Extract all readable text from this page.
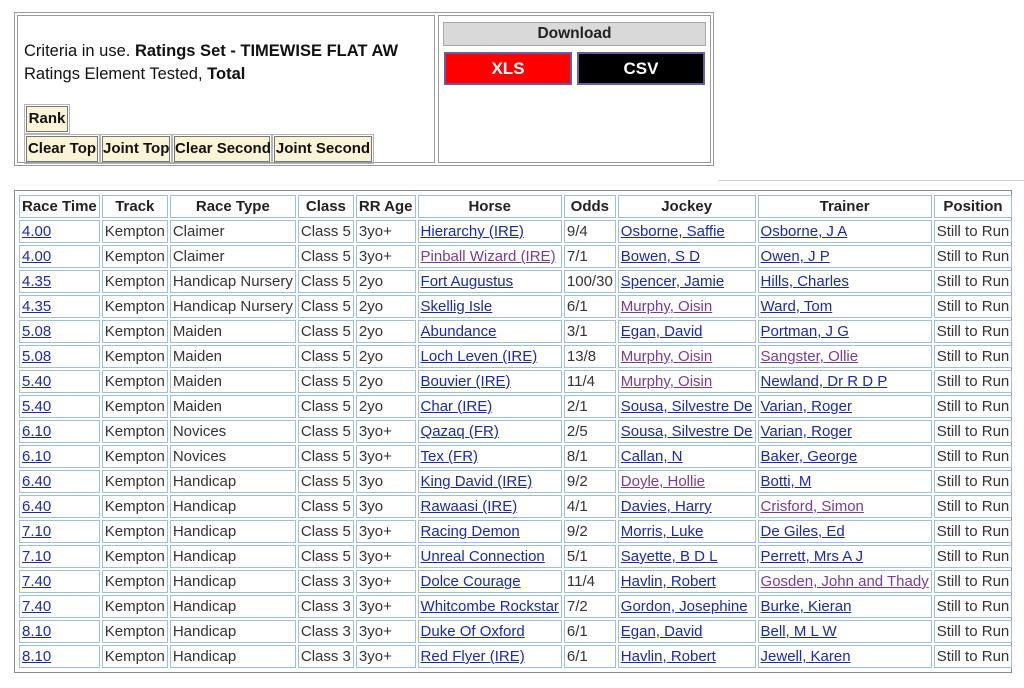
Criteria in use. Ratings Set - TIMEWISE FLAT AW
Ratings Element Tested, Total
Rank
Clear Top Joint Top Clear Second Joint Second
Download
XLS	CSV
Race Time	Track	Race Type	Class	RR Age	Horse	Odds	Jockey	Trainer	Position
4.00	Kempton	Claimer	Class 5	3yo+	Hierarchy (IRE)	9/4	Osborne, Saffie	Osborne, J A	Still to Run
4.00	Kempton	Claimer	Class 5	3yo+	Pinball Wizard (IRE)	7/1	Bowen, S D	Owen, J P	Still to Run
4.35	Kempton	Handicap Nursery	Class 5	2yo	Fort Augustus	100/30	Spencer, Jamie	Hills, Charles	Still to Run
4.35	Kempton	Handicap Nursery	Class 5	2yo	Skellig Isle	6/1	Murphy, Oisin	Ward, Tom	Still to Run
5.08	Kempton	Maiden	Class 5	2yo	Abundance	3/1	Egan, David	Portman, J G	Still to Run
5.08	Kempton	Maiden	Class 5	2yo	Loch Leven (IRE)	13/8	Murphy, Oisin	Sangster, Ollie	Still to Run
5.40	Kempton	Maiden	Class 5	2yo	Bouvier (IRE)	11/4	Murphy, Oisin	Newland, Dr R D P	Still to Run
5.40	Kempton	Maiden	Class 5	2yo	Char (IRE)	2/1	Sousa, Silvestre De	Varian, Roger	Still to Run
6.10	Kempton	Novices	Class 5	3yo+	Qazaq (FR)	2/5	Sousa, Silvestre De	Varian, Roger	Still to Run
6.10	Kempton	Novices	Class 5	3yo+	Tex (FR)	8/1	Callan, N	Baker, George	Still to Run
6.40	Kempton	Handicap	Class 5	3yo	King David (IRE)	9/2	Doyle, Hollie	Botti, M	Still to Run
6.40	Kempton	Handicap	Class 5	3yo	Rawaasi (IRE)	4/1	Davies, Harry	Crisford, Simon	Still to Run
7.10	Kempton	Handicap	Class 5	3yo+	Racing Demon	9/2	Morris, Luke	De Giles, Ed	Still to Run
7.10	Kempton	Handicap	Class 5	3yo+	Unreal Connection	5/1	Sayette, B D L	Perrett, Mrs A J	Still to Run
7.40	Kempton	Handicap	Class 3	3yo+	Dolce Courage	11/4	Havlin, Robert	Gosden, John and Thady	Still to Run
7.40	Kempton	Handicap	Class 3	3yo+	Whitcombe Rockstar	7/2	Gordon, Josephine	Burke, Kieran	Still to Run
8.10	Kempton	Handicap	Class 3	3yo+	Duke Of Oxford	6/1	Egan, David	Bell, M L W	Still to Run
8.10	Kempton	Handicap	Class 3	3yo+	Red Flyer (IRE)	6/1	Havlin, Robert	Jewell, Karen	Still to Run
